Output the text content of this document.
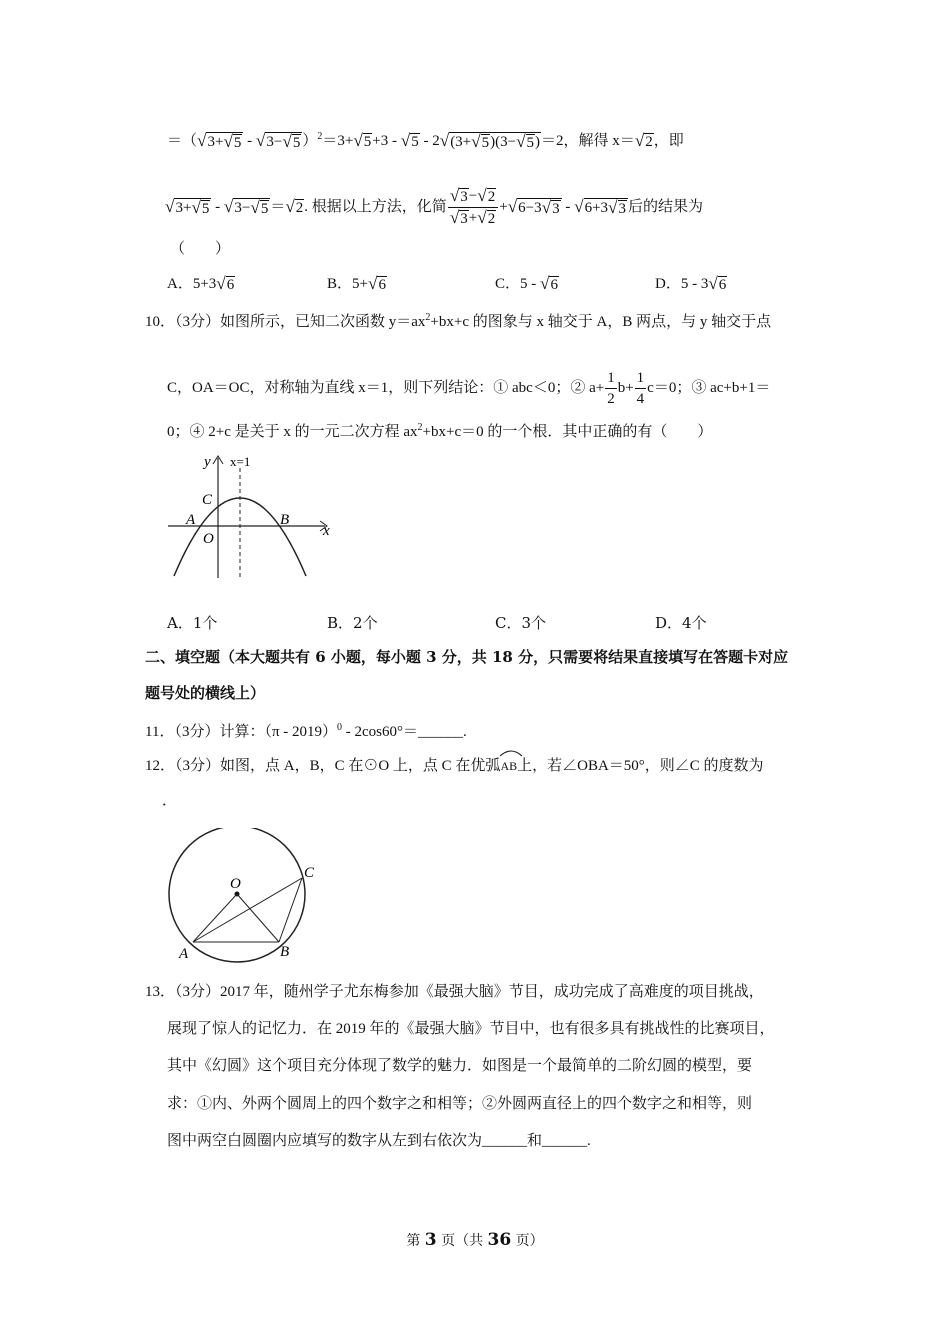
＝（√3+√5 - √3−√5 ）$^2$＝3+√5+3 - √5 - 2√(3+√5)(3−√5)＝2，解得 x＝√2，即
√3+√5 - √3−√5 ＝√2. 根据以上方法，化简 $\frac{√3-√2}{√3+√2} +√6-3√3 - √6+3√3$ 后的结果为
（　　）
A．5+3√6	B．5+√6	C．5 - √6	D．5 - 3√6
10．（3分）如图所示，已知二次函数 $y=ax^2+bx+c$ 的图象与 x 轴交于 A，B 两点，与 y 轴交于点
C，OA＝OC，对称轴为直线 x＝1，则下列结论：① abc＜0；② $a+ \frac{1}{2} b+ \frac{1}{4} c=0$；③ ac+b+1＝
0；④ 2+c 是关于 x 的一元二次方程 $ax^2+bx+c=0$ 的一个根．其中正确的有（　　）
y x=1
C
A	B
O	x
A．1个	B．2个	C．3个	D．4个
二、填空题（本大题共有 6 小题，每小题 3 分，共 18 分，只需要将结果直接填写在答题卡对应
题号处的横线上）
11．（3分）计算：（π - 2019）$^0$ - 2cos60°＝______.
12．（3分）如图，点 A，B，C 在⊙O 上，点 C 在优弧
AB上，若∠OBA＝50°，则∠C 的度数为
．
O
A	B
C
13．（3分）2017 年，随州学子尤东梅参加《最强大脑》节目，成功完成了高难度的项目挑战，
展现了惊人的记忆力．在 2019 年的《最强大脑》节目中，也有很多具有挑战性的比赛项目，
其中《幻圆》这个项目充分体现了数学的魅力．如图是一个最简单的二阶幻圆的模型，要
求：①内、外两个圆周上的四个数字之和相等；②外圆两直径上的四个数字之和相等，则
图中两空白圆圈内应填写的数字从左到右依次为______和______.
第 3 页（共 36 页）
